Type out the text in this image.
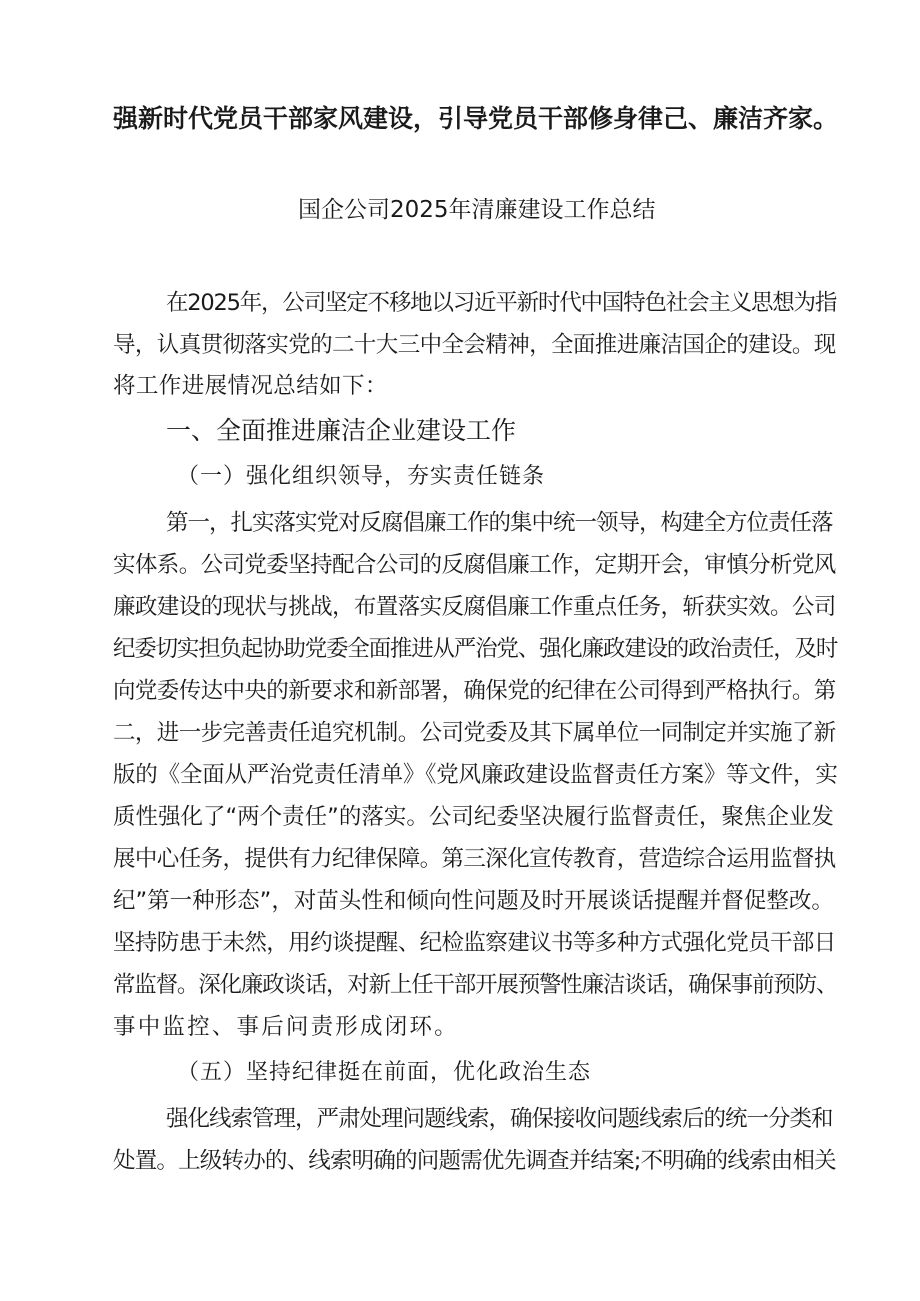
强新时代党员干部家风建设，引导党员干部修身律己、廉洁齐家。

国企公司2025年清廉建设工作总结

在2025年，公司坚定不移地以习近平新时代中国特色社会主义思想为指

导，认真贯彻落实党的二十大三中全会精神，全面推进廉洁国企的建设。现

将工作进展情况总结如下：

一、全面推进廉洁企业建设工作
（一）强化组织领导，夯实责任链条

第一，扎实落实党对反腐倡廉工作的集中统一领导，构建全方位责任落

实体系。公司党委坚持配合公司的反腐倡廉工作，定期开会，审慎分析党风

廉政建设的现状与挑战，布置落实反腐倡廉工作重点任务，斩获实效。公司

纪委切实担负起协助党委全面推进从严治党、强化廉政建设的政治责任，及时

向党委传达中央的新要求和新部署，确保党的纪律在公司得到严格执行。第

二，进一步完善责任追究机制。公司党委及其下属单位一同制定并实施了新

版的《全面从严治党责任清单》《党风廉政建设监督责任方案》等文件，实

质性强化了“两个责任”的落实。公司纪委坚决履行监督责任，聚焦企业发

展中心任务，提供有力纪律保障。第三深化宣传教育，营造综合运用监督执

纪”第一种形态”，对苗头性和倾向性问题及时开展谈话提醒并督促整改。

坚持防患于未然，用约谈提醒、纪检监察建议书等多种方式强化党员干部日

常监督。深化廉政谈话，对新上任干部开展预警性廉洁谈话，确保事前预防、

事中监控、事后问责形成闭环。

（五）坚持纪律挺在前面，优化政治生态

强化线索管理，严肃处理问题线索，确保接收问题线索后的统一分类和

处置。上级转办的、线索明确的问题需优先调查并结案;不明确的线索由相关
